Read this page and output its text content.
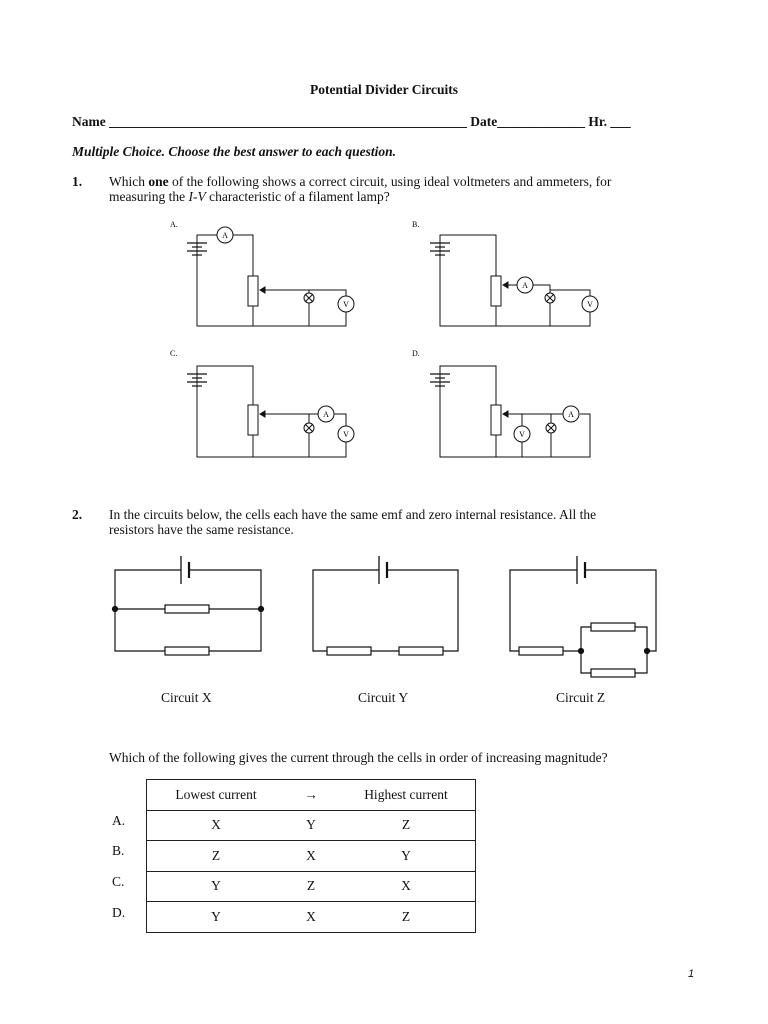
Potential Divider Circuits
Name _____________________________________________________ Date_____________ Hr. ___
Multiple Choice. Choose the best answer to each question.
1. Which one of the following shows a correct circuit, using ideal voltmeters and ammeters, for
measuring the I-V characteristic of a filament lamp?
A.	B.
C.	D.
A
V
A
V
A
V
A
V
2. In the circuits below, the cells each have the same emf and zero internal resistance. All the resistors have the same resistance.
Circuit X	Circuit Y	Circuit Z
Which of the following gives the current through the cells in order of increasing magnitude?
Lowest current	→	Highest current
X	Y	Z
Z	X	Y
Y	Z	X
Y	X	Z
A.
B.
C.
D.
1
